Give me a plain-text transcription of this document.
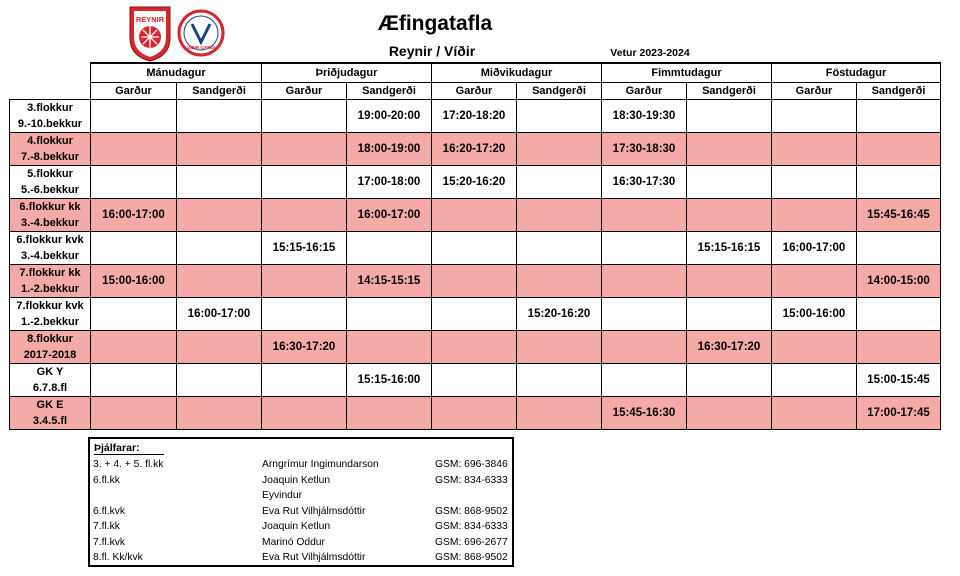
REYNIR
VÍÐIR GARÐI
Æfingatafla
Reynir / Víðir	Vetur 2023-2024
	Mánudagur		Þriðjudagur		Miðvikudagur		Fimmtudagur		Föstudagur	
	Garður	Sandgerði	Garður	Sandgerði	Garður	Sandgerði	Garður	Sandgerði	Garður	Sandgerði

3.flokkur
9.-10.bekkur				19:00-20:00	17:20-18:20		18:30-19:30			

4.flokkur
7.-8.bekkur				18:00-19:00	16:20-17:20		17:30-18:30			

5.flokkur
5.-6.bekkur				17:00-18:00	15:20-16:20		16:30-17:30			

6.flokkur kk
3.-4.bekkur	16:00-17:00			16:00-17:00						15:45-16:45

6.flokkur kvk
3.-4.bekkur			15:15-16:15					15:15-16:15	16:00-17:00	

7.flokkur kk
1.-2.bekkur	15:00-16:00			14:15-15:15						14:00-15:00

7.flokkur kvk
1.-2.bekkur		16:00-17:00				15:20-16:20			15:00-16:00	

8.flokkur
2017-2018			16:30-17:20					16:30-17:20		

GK Y
6.7.8.fl				15:15-16:00						15:00-15:45

GK E
3.4.5.fl							15:45-16:30			17:00-17:45
Þjálfarar:
3. + 4. + 5. fl.kk	Arngrímur Ingimundarson	GSM: 696-3846
6.fl.kk	Joaquin Ketlun	GSM: 834-6333
Eyvindur
6.fl.kvk	Eva Rut Vilhjálmsdóttir	GSM: 868-9502
7.fl.kk	Joaquin Ketlun	GSM: 834-6333
7.fl.kvk	Marinó Oddur	GSM: 696-2677
8.fl. Kk/kvk	Eva Rut Vilhjálmsdóttir	GSM: 868-9502
